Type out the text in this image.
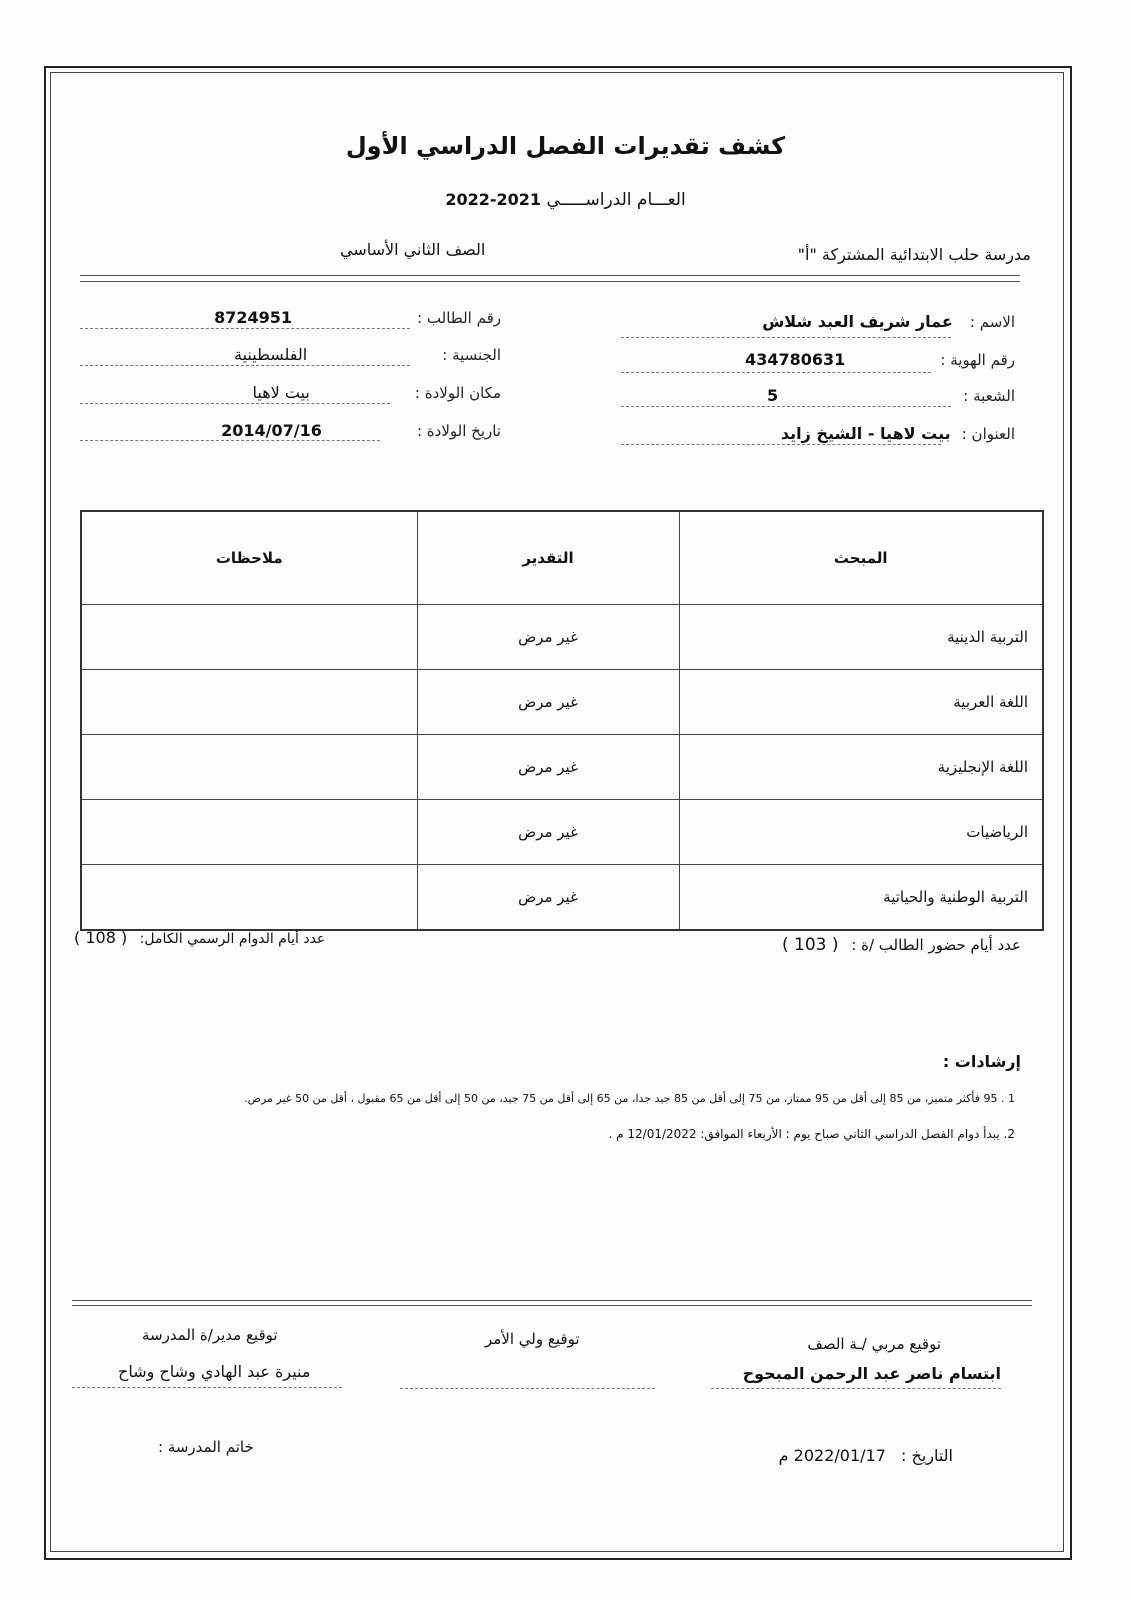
كشف تقديرات الفصل الدراسي الأول
العـــام الدراســـــي 2021-2022
مدرسة حلب الابتدائية المشتركة "أ"
الصف الثاني الأساسي
الاسم : عمار شريف العبد شلاش
رقم الهوية : 434780631
الشعبة : 5
العنوان : بيت لاهيا - الشيخ زايد
رقم الطالب : 8724951
الجنسية : الفلسطينية
مكان الولادة : بيت لاهيا
تاريخ الولادة : 2014/07/16
المبحث	التقدير	ملاحظات
التربية الدينية	غير مرض	
اللغة العربية	غير مرض	
اللغة الإنجليزية	غير مرض	
الرياضيات	غير مرض	
التربية الوطنية والحياتية	غير مرض	
عدد أيام حضور الطالب /ة : ( 103 )
عدد أيام الدوام الرسمي الكامل: ( 108 )
إرشادات :
1 . 95 فأكثر متميز، من 85 إلى أقل من 95 ممتاز، من 75 إلى أقل من 85 جيد جدا، من 65 إلى أقل من 75 جيد، من 50 إلى أقل من 65 مقبول ، أقل من 50 غير مرض.
2. يبدأ دوام الفصل الدراسي الثاني صباح يوم : الأربعاء الموافق: 12/01/2022 م .
توقيع مربي /ـة الصف
ابتسام ناصر عبد الرحمن المبحوح
توقيع ولي الأمر
توقيع مدير/ة المدرسة
منيرة عبد الهادي وشاح وشاح
التاريخ : 2022/01/17 م
خاتم المدرسة :
